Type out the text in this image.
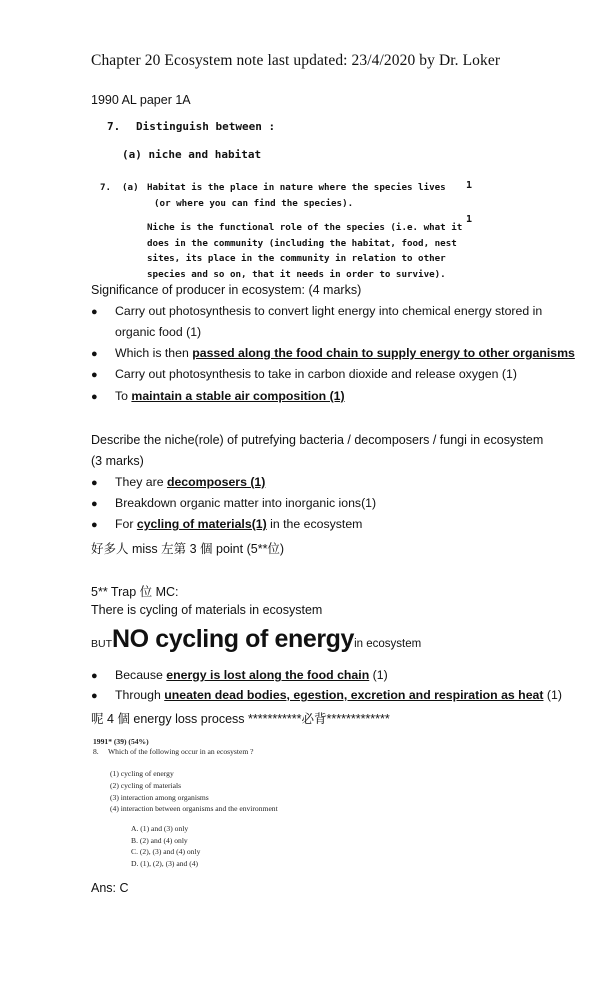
Chapter 20 Ecosystem note last updated: 23/4/2020 by Dr. Loker
1990 AL paper 1A
7. Distinguish between :
(a) niche and habitat
7. (a) Habitat is the place in nature where the species lives
(or where you can find the species).
Niche is the functional role of the species (i.e. what it
does in the community (including the habitat, food, nest
sites, its place in the community in relation to other
species and so on, that it needs in order to survive).
1
1
Significance of producer in ecosystem: (4 marks)
●	Carry out photosynthesis to convert light energy into chemical energy stored in
organic food (1)
●	Which is then passed along the food chain to supply energy to other organisms
●	Carry out photosynthesis to take in carbon dioxide and release oxygen (1)
●	To maintain a stable air composition (1)
Describe the niche(role) of putrefying bacteria / decomposers / fungi in ecosystem
(3 marks)
●	They are decomposers (1)
●	Breakdown organic matter into inorganic ions(1)
●	For cycling of materials(1) in the ecosystem
好多人 miss 左第 3 個 point (5**位)
5** Trap 位 MC:
There is cycling of materials in ecosystem
BUT NO cycling of energy in ecosystem
●	Because energy is lost along the food chain (1)
●	Through uneaten dead bodies, egestion, excretion and respiration as heat (1)
呢 4 個 energy loss process ***********必背*************
1991* (39) (54%)
8. Which of the following occur in an ecosystem ?
(1) cycling of energy
(2) cycling of materials
(3) interaction among organisms
(4) interaction between organisms and the environment
A. (1) and (3) only
B. (2) and (4) only
C. (2), (3) and (4) only
D. (1), (2), (3) and (4)
Ans: C
